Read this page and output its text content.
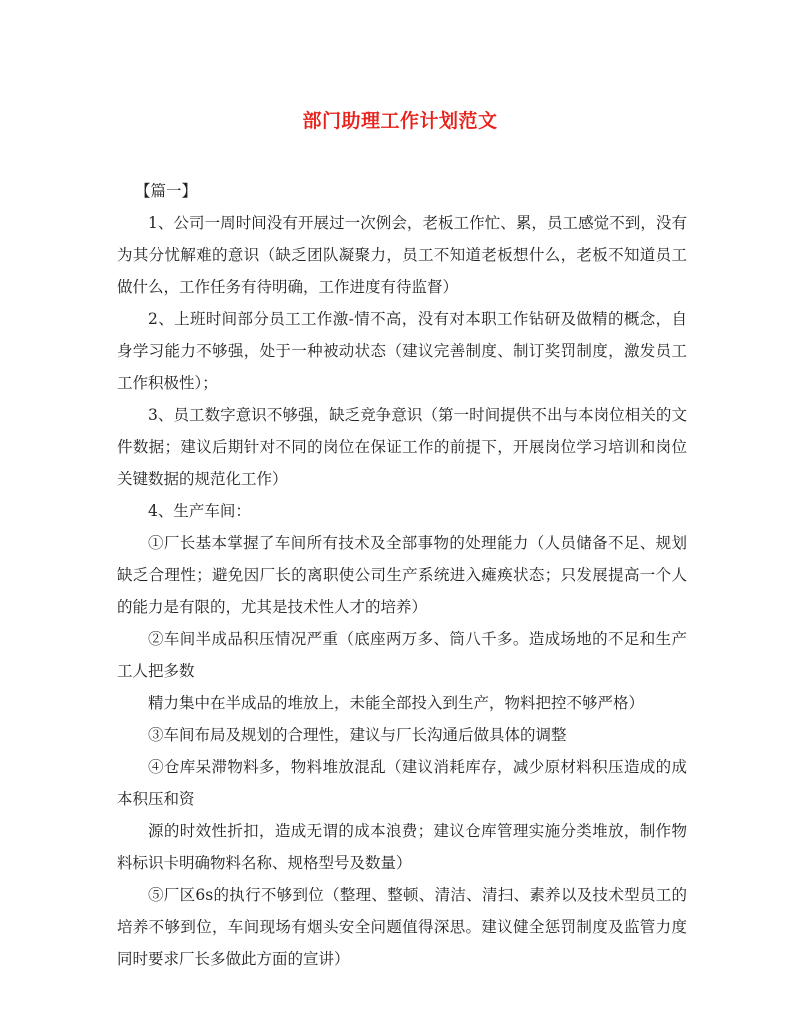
部门助理工作计划范文

【篇一】

1、公司一周时间没有开展过一次例会，老板工作忙、累，员工感觉不到，没有为其分忧解难的意识（缺乏团队凝聚力，员工不知道老板想什么，老板不知道员工做什么，工作任务有待明确，工作进度有待监督）

2、上班时间部分员工工作激-情不高，没有对本职工作钻研及做精的概念，自身学习能力不够强，处于一种被动状态（建议完善制度、制订奖罚制度，激发员工工作积极性）；

3、员工数字意识不够强，缺乏竞争意识（第一时间提供不出与本岗位相关的文件数据；建议后期针对不同的岗位在保证工作的前提下，开展岗位学习培训和岗位关键数据的规范化工作）

4、生产车间：

①厂长基本掌握了车间所有技术及全部事物的处理能力（人员储备不足、规划缺乏合理性；避免因厂长的离职使公司生产系统进入瘫痪状态；只发展提高一个人的能力是有限的，尤其是技术性人才的培养）

②车间半成品积压情况严重（底座两万多、筒八千多。造成场地的不足和生产工人把多数

精力集中在半成品的堆放上，未能全部投入到生产，物料把控不够严格）

③车间布局及规划的合理性，建议与厂长沟通后做具体的调整

④仓库呆滞物料多，物料堆放混乱（建议消耗库存，减少原材料积压造成的成本积压和资

源的时效性折扣，造成无谓的成本浪费；建议仓库管理实施分类堆放，制作物料标识卡明确物料名称、规格型号及数量）

⑤厂区6s的执行不够到位（整理、整顿、清洁、清扫、素养以及技术型员工的培养不够到位，车间现场有烟头安全问题值得深思。建议健全惩罚制度及监管力度同时要求厂长多做此方面的宣讲）
